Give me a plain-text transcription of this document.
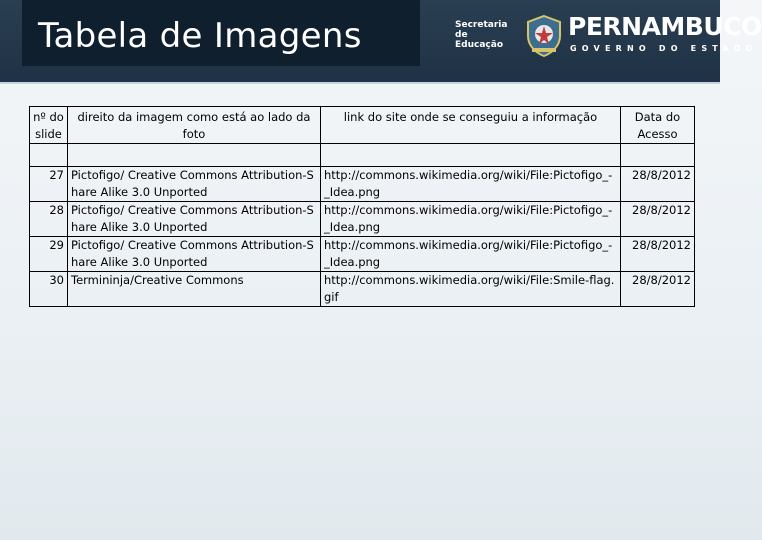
Tabela de Imagens	Secretaria de
Educação
PERNAMBUCO
GOVERNO DO ESTADO
nº do slide	direito da imagem como está ao lado da foto	link do site onde se conseguiu a informação	Data do Acesso

27	Pictofigo/ Creative Commons Attribution-Share Alike 3.0 Unported	http://commons.wikimedia.org/wiki/File:Pictofigo_-_Idea.png	28/8/2012
28	Pictofigo/ Creative Commons Attribution-Share Alike 3.0 Unported	http://commons.wikimedia.org/wiki/File:Pictofigo_-_Idea.png	28/8/2012
29	Pictofigo/ Creative Commons Attribution-Share Alike 3.0 Unported	http://commons.wikimedia.org/wiki/File:Pictofigo_-_Idea.png	28/8/2012
30	Termininja/Creative Commons	http://commons.wikimedia.org/wiki/File:Smile-flag.gif	28/8/2012
